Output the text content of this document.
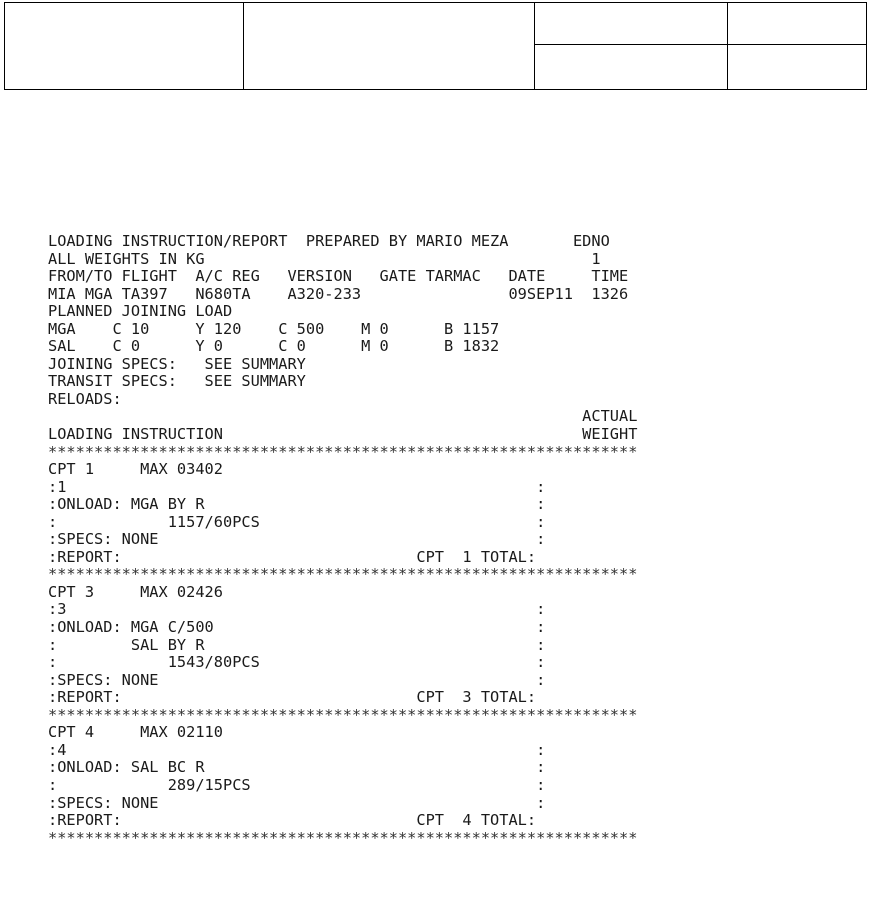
LOADING INSTRUCTION/REPORT  PREPARED BY MARIO MEZA       EDNO
ALL WEIGHTS IN KG                                          1
FROM/TO FLIGHT  A/C REG   VERSION   GATE TARMAC   DATE     TIME
MIA MGA TA397   N680TA    A320-233                09SEP11  1326
PLANNED JOINING LOAD
MGA    C 10     Y 120    C 500    M 0      B 1157
SAL    C 0      Y 0      C 0      M 0      B 1832
JOINING SPECS:   SEE SUMMARY
TRANSIT SPECS:   SEE SUMMARY
RELOADS:
ACTUAL
LOADING INSTRUCTION                                       WEIGHT
****************************************************************
CPT 1     MAX 03402
:1                                                   :
:ONLOAD: MGA BY R                                    :
:            1157/60PCS                              :
:SPECS: NONE                                         :
:REPORT:                                CPT  1 TOTAL:
****************************************************************
CPT 3     MAX 02426
:3                                                   :
:ONLOAD: MGA C/500                                   :
:        SAL BY R                                    :
:            1543/80PCS                              :
:SPECS: NONE                                         :
:REPORT:                                CPT  3 TOTAL:
****************************************************************
CPT 4     MAX 02110
:4                                                   :
:ONLOAD: SAL BC R                                    :
:            289/15PCS                               :
:SPECS: NONE                                         :
:REPORT:                                CPT  4 TOTAL:
****************************************************************
